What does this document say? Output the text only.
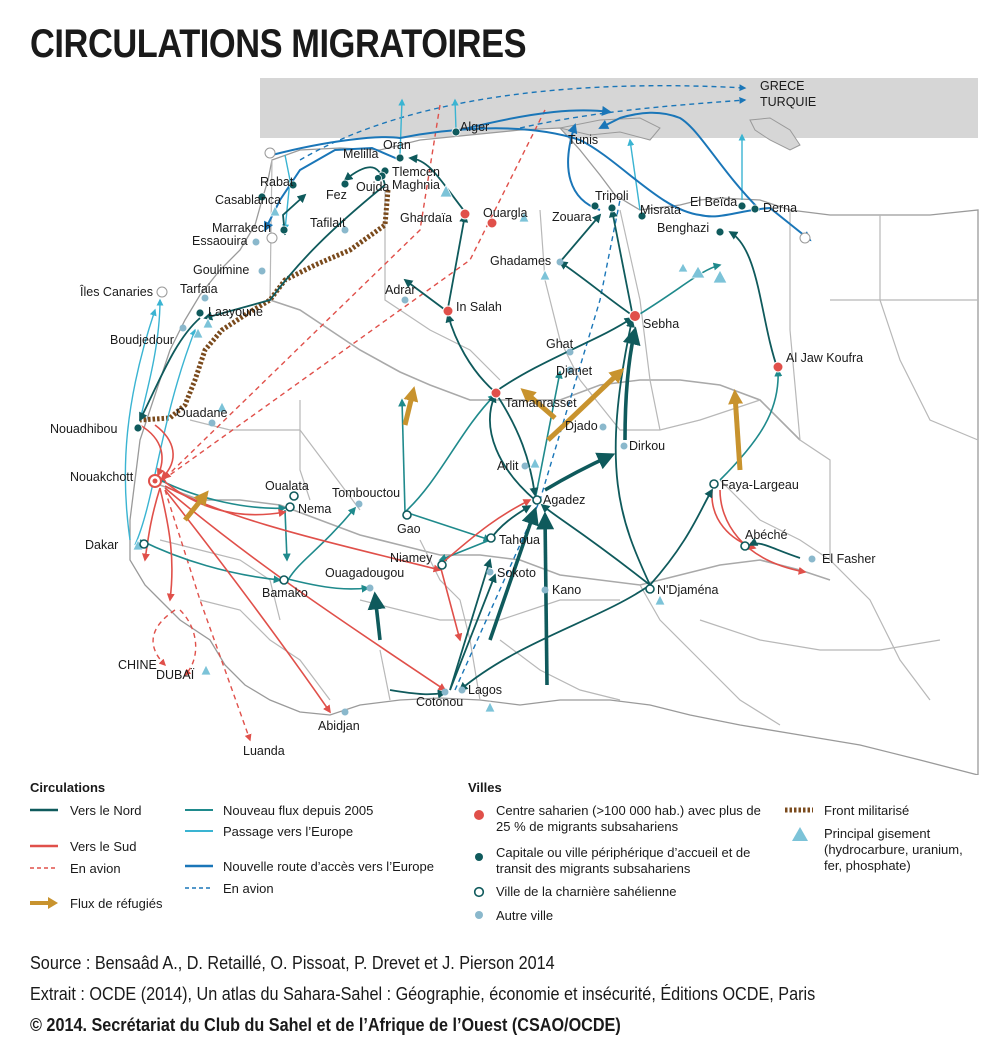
CIRCULATIONS MIGRATOIRES
GRECE
TURQUIE
CHINE
DUBAÏ
Luanda
Îles Canaries
Alger
Oran
Melilla
Tlemcen
Maghnia
Oujda
Fez
Rabat
Casablanca
Marrakech
Essaouira
Tafilalt
Goulimine
Tarfaia
Laayoune
Boudjedour
Ouadane
Nouadhibou
Nouakchott
Dakar
Bamako
Oualata
Nema
Tombouctou
Gao
Niamey
Ouagadougou
Tahoua
Sokoto
Kano
Agadez
Arlit
Abidjan
Cotonou
Lagos
Tunis
Ghardaïa Ouargla
Adrar
In Salah
Tamanrasset
Ghadames
Zouara
Tripoli
Misrata
El Beïda Derna
Benghazi
Sebha
Ghat
Djanet
Djado
Dirkou
Al Jaw Koufra
Faya-Largeau
Abéché
El Fasher
N'Djaména
Circulations
Vers le Nord
Vers le Sud
En avion
Flux de réfugiés
Nouveau flux depuis 2005
Passage vers l’Europe
Nouvelle route d’accès vers l’Europe
En avion
Villes
Centre saharien (>100 000 hab.) avec plus de 25 % de migrants subsahariens
Capitale ou ville périphérique d’accueil et de transit des migrants subsahariens
Ville de la charnière sahélienne
Autre ville
Front militarisé
Principal gisement (hydrocarbure, uranium, fer, phosphate)
Source : Bensaâd A., D. Retaillé, O. Pissoat, P. Drevet et J. Pierson 2014
Extrait : OCDE (2014), Un atlas du Sahara-Sahel : Géographie, économie et insécurité, Éditions OCDE, Paris
© 2014. Secrétariat du Club du Sahel et de l’Afrique de l’Ouest (CSAO/OCDE)
